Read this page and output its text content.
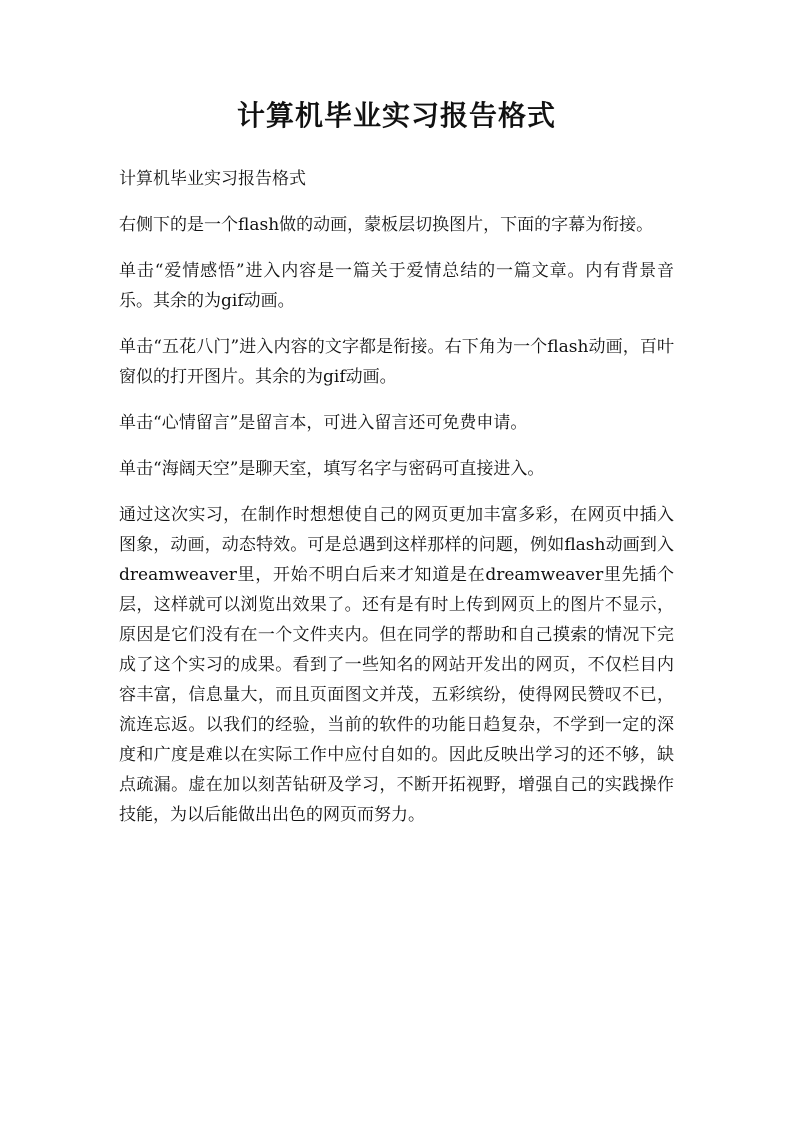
计算机毕业实习报告格式

计算机毕业实习报告格式

右侧下的是一个flash做的动画，蒙板层切换图片，下面的字幕为衔接。

单击“爱情感悟”进入内容是一篇关于爱情总结的一篇文章。内有背景音乐。其余的为gif动画。

单击“五花八门”进入内容的文字都是衔接。右下角为一个flash动画，百叶窗似的打开图片。其余的为gif动画。

单击“心情留言”是留言本，可进入留言还可免费申请。

单击“海阔天空”是聊天室，填写名字与密码可直接进入。

通过这次实习，在制作时想想使自己的网页更加丰富多彩，在网页中插入图象，动画，动态特效。可是总遇到这样那样的问题，例如flash动画到入dreamweaver里，开始不明白后来才知道是在dreamweaver里先插个层，这样就可以浏览出效果了。还有是有时上传到网页上的图片不显示，原因是它们没有在一个文件夹内。但在同学的帮助和自己摸索的情况下完成了这个实习的成果。看到了一些知名的网站开发出的网页，不仅栏目内容丰富，信息量大，而且页面图文并茂，五彩缤纷，使得网民赞叹不已，流连忘返。以我们的经验，当前的软件的功能日趋复杂，不学到一定的深度和广度是难以在实际工作中应付自如的。因此反映出学习的还不够，缺点疏漏。虚在加以刻苦钻研及学习，不断开拓视野，增强自己的实践操作技能，为以后能做出出色的网页而努力。
